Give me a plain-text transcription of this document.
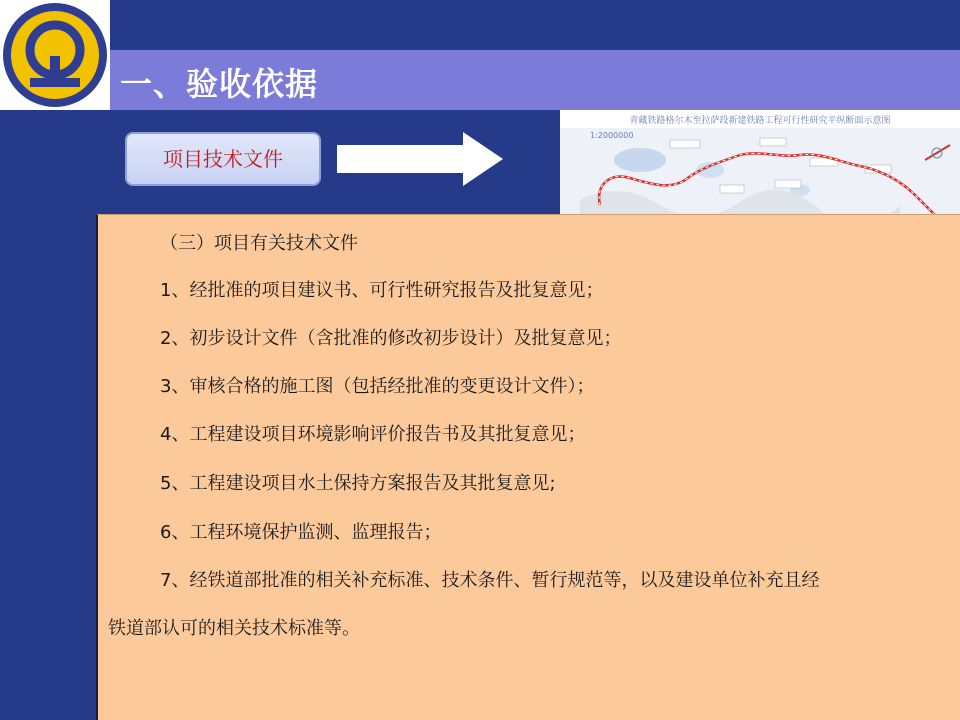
一、验收依据
项目技术文件
青藏铁路格尔木至拉萨段新建铁路工程可行性研究平纵断面示意图
1:2000000
（三）项目有关技术文件
1、经批准的项目建议书、可行性研究报告及批复意见；
2、初步设计文件（含批准的修改初步设计）及批复意见；
3、审核合格的施工图（包括经批准的变更设计文件）；
4、工程建设项目环境影响评价报告书及其批复意见；
5、工程建设项目水土保持方案报告及其批复意见;
6、工程环境保护监测、监理报告；
7、经铁道部批准的相关补充标准、技术条件、暂行规范等，以及建设单位补充且经
铁道部认可的相关技术标准等。
